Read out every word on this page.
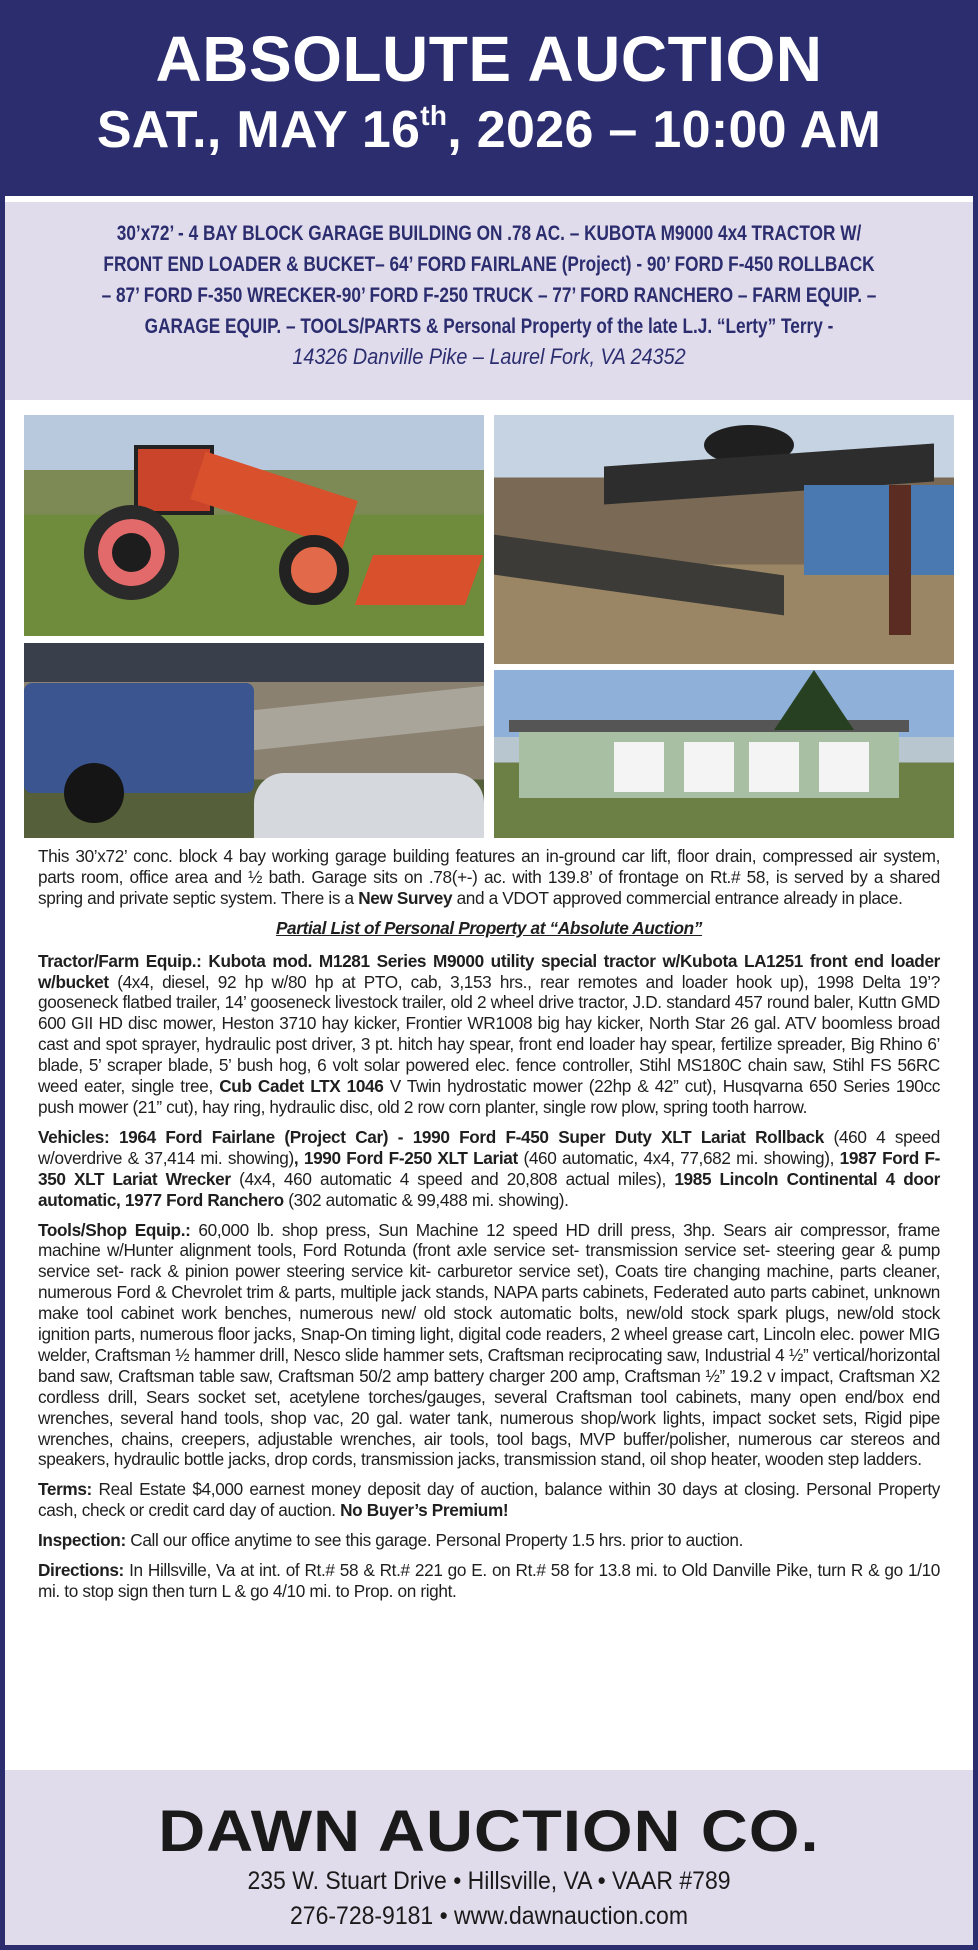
ABSOLUTE AUCTION
SAT., MAY 16th, 2026 – 10:00 AM
30’x72’ - 4 BAY BLOCK GARAGE BUILDING ON .78 AC. – KUBOTA M9000 4x4 TRACTOR W/
FRONT END LOADER & BUCKET– 64’ FORD FAIRLANE (Project) - 90’ FORD F-450 ROLLBACK
– 87’ FORD F-350 WRECKER-90’ FORD F-250 TRUCK – 77’ FORD RANCHERO – FARM EQUIP. –
GARAGE EQUIP. – TOOLS/PARTS & Personal Property of the late L.J. “Lerty” Terry -
14326 Danville Pike – Laurel Fork, VA 24352

This 30’x72’ conc. block 4 bay working garage building features an in-ground car lift, floor drain, compressed air system, parts room, office area and ½ bath. Garage sits on .78(+-) ac. with 139.8’ of frontage on Rt.# 58, is served by a shared spring and private septic system. There is a New Survey and a VDOT approved commercial entrance already in place.

Partial List of Personal Property at “Absolute Auction”

Tractor/Farm Equip.: Kubota mod. M1281 Series M9000 utility special tractor w/Kubota LA1251 front end loader w/bucket (4x4, diesel, 92 hp w/80 hp at PTO, cab, 3,153 hrs., rear remotes and loader hook up), 1998 Delta 19’? gooseneck flatbed trailer, 14’ gooseneck livestock trailer, old 2 wheel drive tractor, J.D. standard 457 round baler, Kuttn GMD 600 GII HD disc mower, Heston 3710 hay kicker, Frontier WR1008 big hay kicker, North Star 26 gal. ATV boomless broad cast and spot sprayer, hydraulic post driver, 3 pt. hitch hay spear, front end loader hay spear, fertilize spreader, Big Rhino 6’ blade, 5’ scraper blade, 5’ bush hog, 6 volt solar powered elec. fence controller, Stihl MS180C chain saw, Stihl FS 56RC weed eater, single tree, Cub Cadet LTX 1046 V Twin hydrostatic mower (22hp & 42” cut), Husqvarna 650 Series 190cc push mower (21” cut), hay ring, hydraulic disc, old 2 row corn planter, single row plow, spring tooth harrow.

Vehicles: 1964 Ford Fairlane (Project Car) - 1990 Ford F-450 Super Duty XLT Lariat Rollback (460 4 speed w/overdrive & 37,414 mi. showing), 1990 Ford F-250 XLT Lariat (460 automatic, 4x4, 77,682 mi. showing), 1987 Ford F-350 XLT Lariat Wrecker (4x4, 460 automatic 4 speed and 20,808 actual miles), 1985 Lincoln Continental 4 door automatic, 1977 Ford Ranchero (302 automatic & 99,488 mi. showing).

Tools/Shop Equip.: 60,000 lb. shop press, Sun Machine 12 speed HD drill press, 3hp. Sears air compressor, frame machine w/Hunter alignment tools, Ford Rotunda (front axle service set- transmission service set- steering gear & pump service set- rack & pinion power steering service kit- carburetor service set), Coats tire changing machine, parts cleaner, numerous Ford & Chevrolet trim & parts, multiple jack stands, NAPA parts cabinets, Federated auto parts cabinet, unknown make tool cabinet work benches, numerous new/ old stock automatic bolts, new/old stock spark plugs, new/old stock ignition parts, numerous floor jacks, Snap-On timing light, digital code readers, 2 wheel grease cart, Lincoln elec. power MIG welder, Craftsman ½ hammer drill, Nesco slide hammer sets, Craftsman reciprocating saw, Industrial 4 ½” vertical/horizontal band saw, Craftsman table saw, Craftsman 50/2 amp battery charger 200 amp, Craftsman ½” 19.2 v impact, Craftsman X2 cordless drill, Sears socket set, acetylene torches/gauges, several Craftsman tool cabinets, many open end/box end wrenches, several hand tools, shop vac, 20 gal. water tank, numerous shop/work lights, impact socket sets, Rigid pipe wrenches, chains, creepers, adjustable wrenches, air tools, tool bags, MVP buffer/polisher, numerous car stereos and speakers, hydraulic bottle jacks, drop cords, transmission jacks, transmission stand, oil shop heater, wooden step ladders.

Terms: Real Estate $4,000 earnest money deposit day of auction, balance within 30 days at closing. Personal Property cash, check or credit card day of auction. No Buyer’s Premium!

Inspection: Call our office anytime to see this garage. Personal Property 1.5 hrs. prior to auction.

Directions: In Hillsville, Va at int. of Rt.# 58 & Rt.# 221 go E. on Rt.# 58 for 13.8 mi. to Old Danville Pike, turn R & go 1/10 mi. to stop sign then turn L & go 4/10 mi. to Prop. on right.

DAWN AUCTION CO.
235 W. Stuart Drive • Hillsville, VA • VAAR #789
276-728-9181 • www.dawnauction.com
